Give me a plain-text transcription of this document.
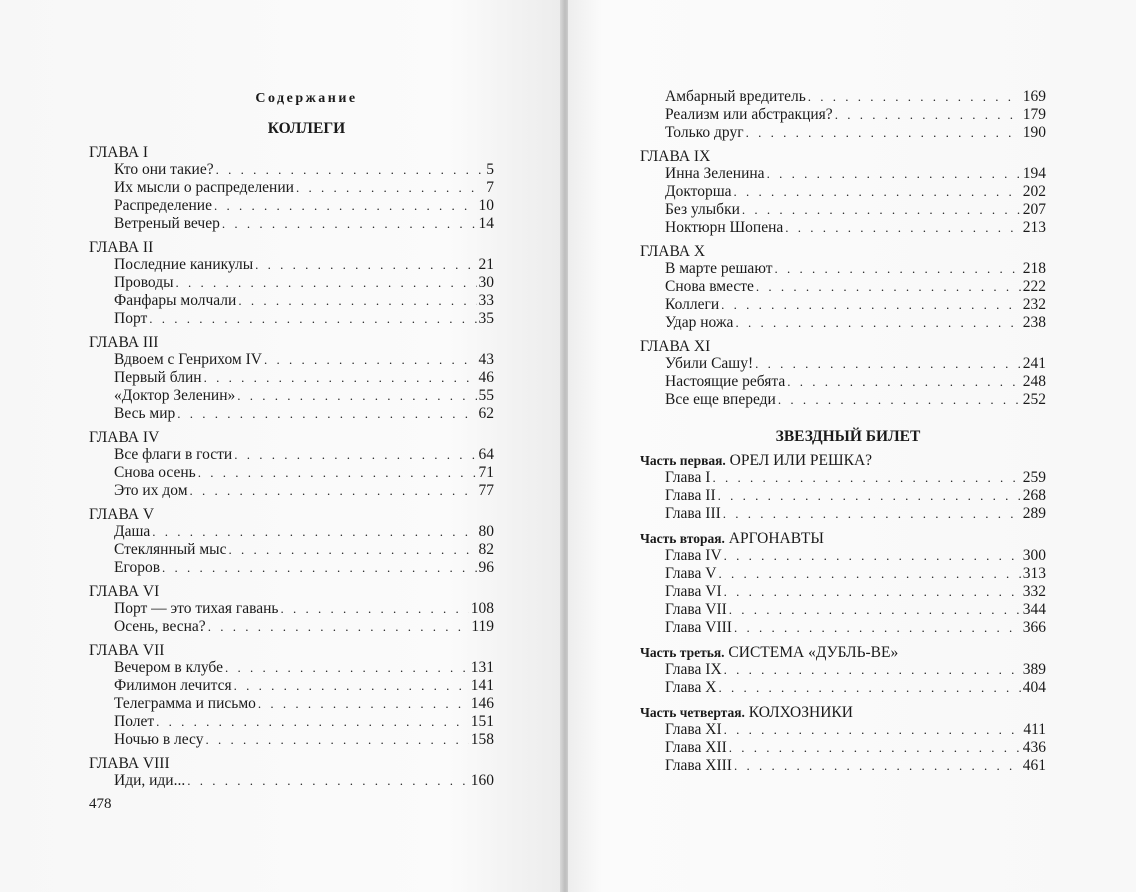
Содержание
КОЛЛЕГИ
ГЛАВА I
Кто они такие? . . .	5
Их мысли о распределении . . .	7
Распределение . . .	10
Ветреный вечер . . .	14
ГЛАВА II
Последние каникулы . . .	21
Проводы . . .	30
Фанфары молчали . . .	33
Порт . . .	35
ГЛАВА III
Вдвоем с Генрихом IV . . .	43
Первый блин . . .	46
«Доктор Зеленин» . . .	55
Весь мир . . .	62
ГЛАВА IV
Все флаги в гости . . .	64
Снова осень . . .	71
Это их дом . . .	77
ГЛАВА V
Даша . . .	80
Стеклянный мыс . . .	82
Егоров . . .	96
ГЛАВА VI
Порт — это тихая гавань . . .	108
Осень, весна? . . .	119
ГЛАВА VII
Вечером в клубе . . .	131
Филимон лечится . . .	141
Телеграмма и письмо . . .	146
Полет . . .	151
Ночью в лесу . . .	158
ГЛАВА VIII
Иди, иди... . . .	160
478
Амбарный вредитель . . .	169
Реализм или абстракция? . . .	179
Только друг . . .	190
ГЛАВА IX
Инна Зеленина . . .	194
Докторша . . .	202
Без улыбки . . .	207
Ноктюрн Шопена . . .	213
ГЛАВА X
В марте решают . . .	218
Снова вместе . . .	222
Коллеги . . .	232
Удар ножа . . .	238
ГЛАВА XI
Убили Сашу! . . .	241
Настоящие ребята . . .	248
Все еще впереди . . .	252
ЗВЕЗДНЫЙ БИЛЕТ
Часть первая. ОРЕЛ ИЛИ РЕШКА?
Глава I . . .	259
Глава II . . .	268
Глава III . . .	289
Часть вторая. АРГОНАВТЫ
Глава IV . . .	300
Глава V . . .	313
Глава VI . . .	332
Глава VII . . .	344
Глава VIII . . .	366
Часть третья. СИСТЕМА «ДУБЛЬ-ВЕ»
Глава IX . . .	389
Глава X . . .	404
Часть четвертая. КОЛХОЗНИКИ
Глава XI . . .	411
Глава XII . . .	436
Глава XIII . . .	461
